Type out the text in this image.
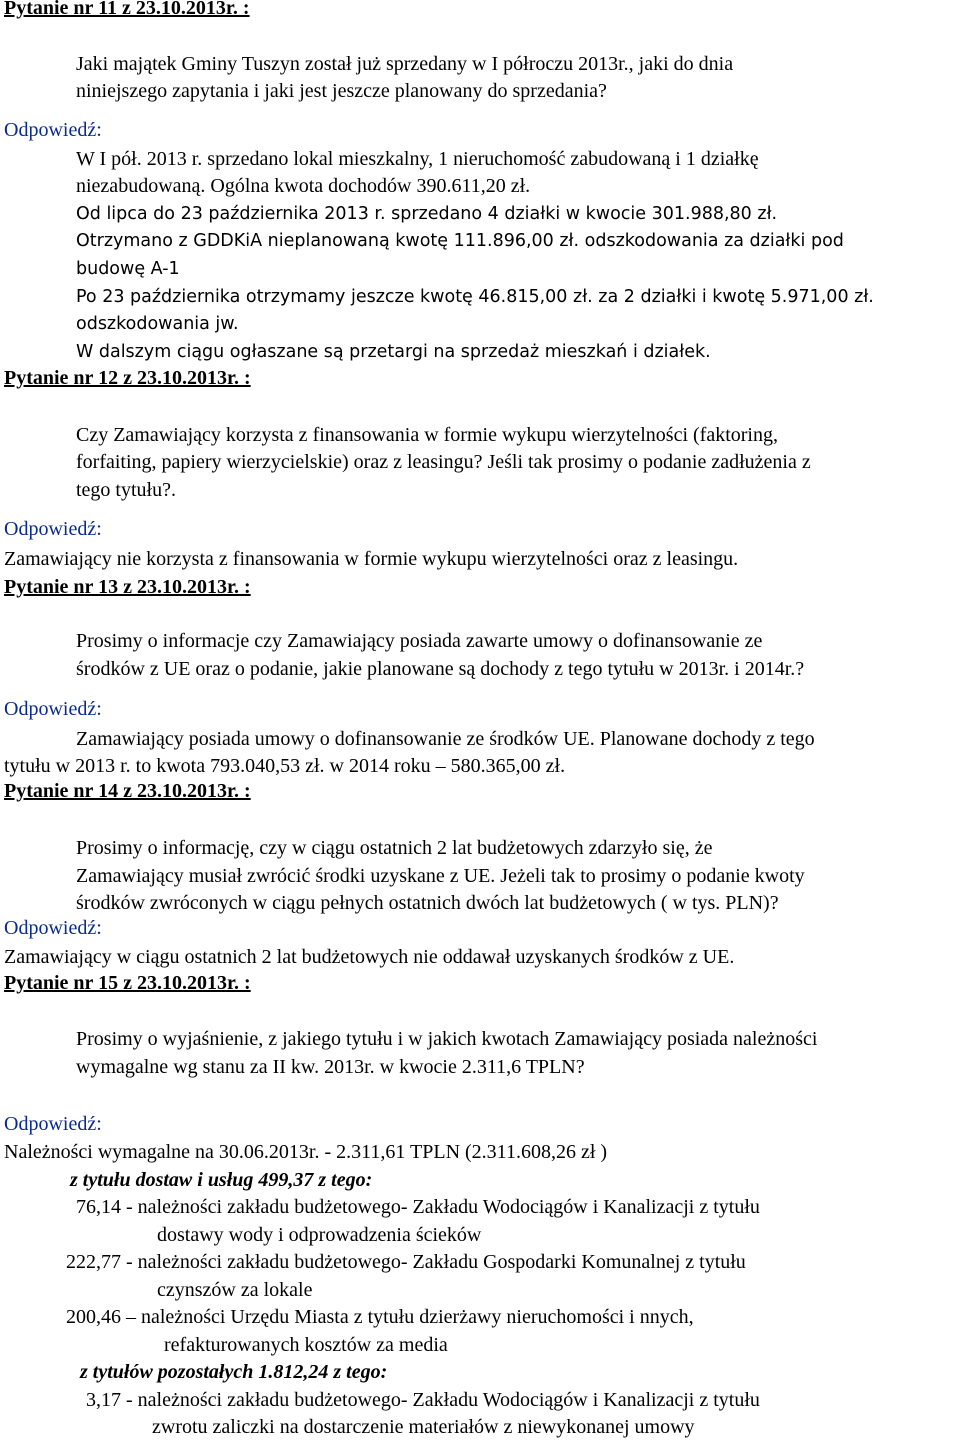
Pytanie nr 11 z 23.10.2013r. :
Jaki majątek Gminy Tuszyn został już sprzedany w I półroczu 2013r., jaki do dnia
niniejszego zapytania i jaki jest jeszcze planowany do sprzedania?
Odpowiedź:
W I pół. 2013 r. sprzedano lokal mieszkalny, 1 nieruchomość zabudowaną i 1 działkę
niezabudowaną. Ogólna kwota dochodów 390.611,20 zł.
Od lipca do 23 października 2013 r. sprzedano 4 działki w kwocie 301.988,80 zł.
Otrzymano z GDDKiA nieplanowaną kwotę 111.896,00 zł. odszkodowania za działki pod
budowę A-1
Po 23 października otrzymamy jeszcze kwotę 46.815,00 zł. za 2 działki i kwotę 5.971,00 zł.
odszkodowania jw.
W dalszym ciągu ogłaszane są przetargi na sprzedaż mieszkań i działek.
Pytanie nr 12 z 23.10.2013r. :
Czy Zamawiający korzysta z finansowania w formie wykupu wierzytelności (faktoring,
forfaiting, papiery wierzycielskie) oraz z leasingu? Jeśli tak prosimy o podanie zadłużenia z
tego tytułu?.
Odpowiedź:
Zamawiający nie korzysta z finansowania w formie wykupu wierzytelności oraz z leasingu.
Pytanie nr 13 z 23.10.2013r. :
Prosimy o informacje czy Zamawiający posiada zawarte umowy o dofinansowanie ze
środków z UE oraz o podanie, jakie planowane są dochody z tego tytułu w 2013r. i 2014r.?
Odpowiedź:
Zamawiający posiada umowy o dofinansowanie ze środków UE. Planowane dochody z tego
tytułu w 2013 r. to kwota 793.040,53 zł. w 2014 roku – 580.365,00 zł.
Pytanie nr 14 z 23.10.2013r. :
Prosimy o informację, czy w ciągu ostatnich 2 lat budżetowych zdarzyło się, że
Zamawiający musiał zwrócić środki uzyskane z UE. Jeżeli tak to prosimy o podanie kwoty
środków zwróconych w ciągu pełnych ostatnich dwóch lat budżetowych ( w tys. PLN)?
Odpowiedź:
Zamawiający w ciągu ostatnich 2 lat budżetowych nie oddawał uzyskanych środków z UE.
Pytanie nr 15 z 23.10.2013r. :
Prosimy o wyjaśnienie, z jakiego tytułu i w jakich kwotach Zamawiający posiada należności
wymagalne wg stanu za II kw. 2013r. w kwocie 2.311,6 TPLN?
Odpowiedź:
Należności wymagalne na 30.06.2013r. - 2.311,61 TPLN (2.311.608,26 zł )
z tytułu dostaw i usług 499,37 z tego:
76,14 - należności zakładu budżetowego- Zakładu Wodociągów i Kanalizacji z tytułu
dostawy wody i odprowadzenia ścieków
222,77 - należności zakładu budżetowego- Zakładu Gospodarki Komunalnej z tytułu
czynszów za lokale
200,46 – należności Urzędu Miasta z tytułu dzierżawy nieruchomości i nnych,
refakturowanych kosztów za media
z tytułów pozostałych 1.812,24 z tego:
3,17 - należności zakładu budżetowego- Zakładu Wodociągów i Kanalizacji z tytułu
zwrotu zaliczki na dostarczenie materiałów z niewykonanej umowy
